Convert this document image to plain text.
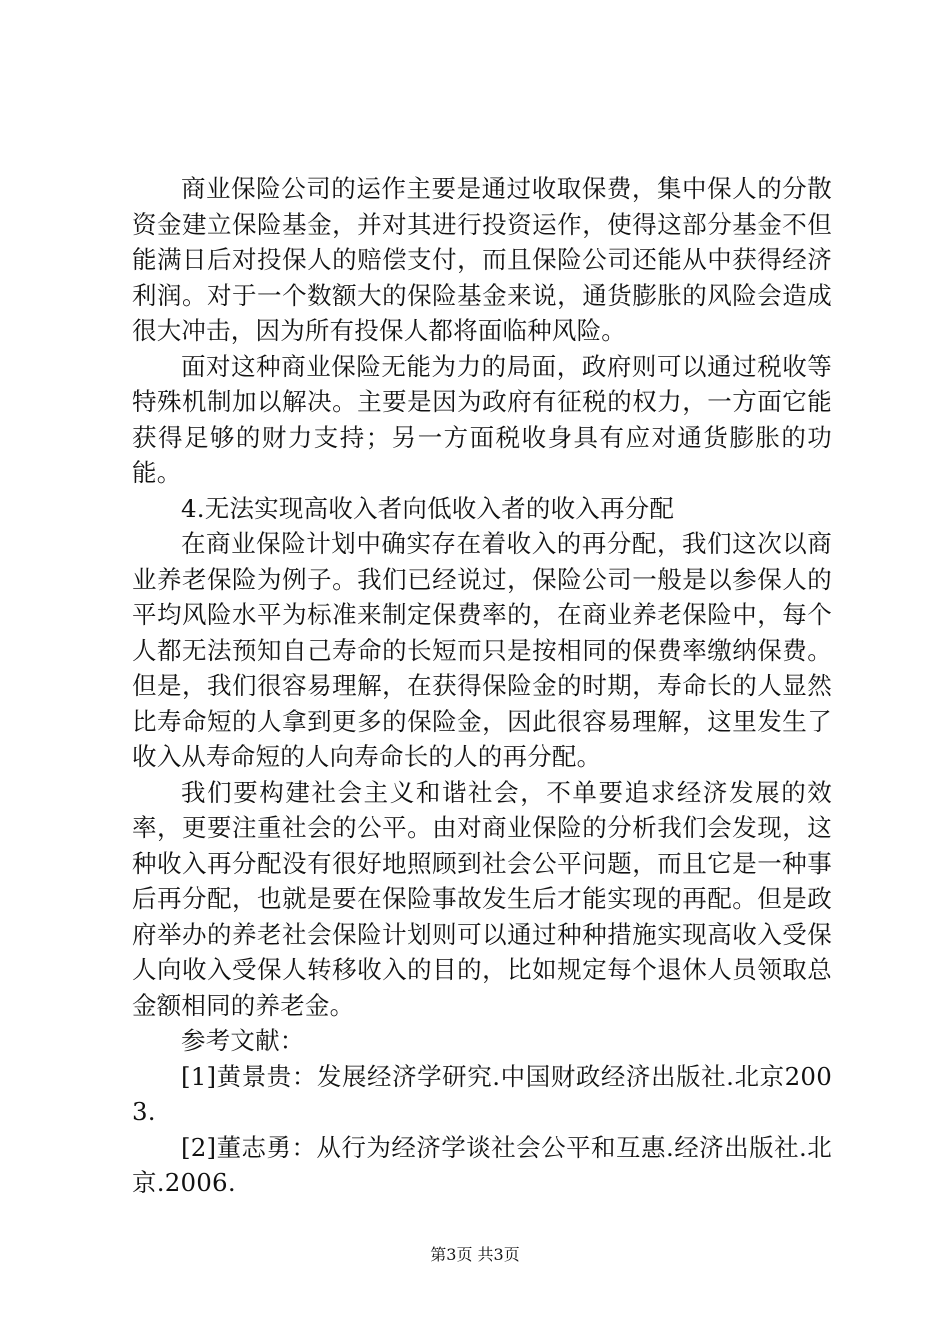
商业保险公司的运作主要是通过收取保费，集中保人的分散资金建立保险基金，并对其进行投资运作，使得这部分基金不但能满日后对投保人的赔偿支付，而且保险公司还能从中获得经济利润。对于一个数额大的保险基金来说，通货膨胀的风险会造成很大冲击，因为所有投保人都将面临种风险。

面对这种商业保险无能为力的局面，政府则可以通过税收等特殊机制加以解决。主要是因为政府有征税的权力，一方面它能获得足够的财力支持；另一方面税收身具有应对通货膨胀的功能。

4.无法实现高收入者向低收入者的收入再分配

在商业保险计划中确实存在着收入的再分配，我们这次以商业养老保险为例子。我们已经说过，保险公司一般是以参保人的平均风险水平为标准来制定保费率的，在商业养老保险中，每个人都无法预知自己寿命的长短而只是按相同的保费率缴纳保费。但是，我们很容易理解，在获得保险金的时期，寿命长的人显然比寿命短的人拿到更多的保险金，因此很容易理解，这里发生了收入从寿命短的人向寿命长的人的再分配。

我们要构建社会主义和谐社会，不单要追求经济发展的效率，更要注重社会的公平。由对商业保险的分析我们会发现，这种收入再分配没有很好地照顾到社会公平问题，而且它是一种事后再分配，也就是要在保险事故发生后才能实现的再配。但是政府举办的养老社会保险计划则可以通过种种措施实现高收入受保人向收入受保人转移收入的目的，比如规定每个退休人员领取总金额相同的养老金。

参考文献：

[1]黄景贵：发展经济学研究.中国财政经济出版社.北京2003.

[2]董志勇：从行为经济学谈社会公平和互惠.经济出版社.北京.2006.

第3页 共3页
